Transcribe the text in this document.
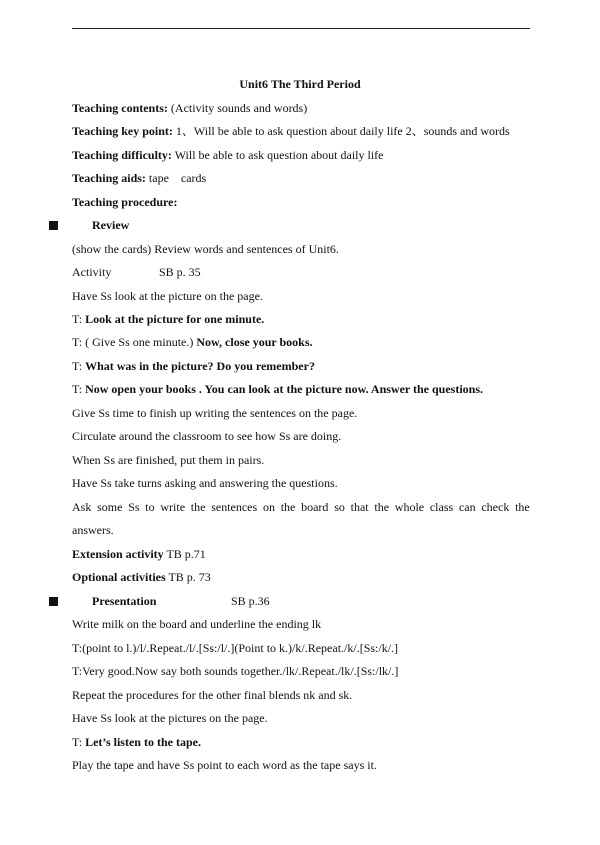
Unit6 The Third Period
Teaching contents: (Activity sounds and words)
Teaching key point: 1、Will be able to ask question about daily life 2、sounds and words
Teaching difficulty: Will be able to ask question about daily life
Teaching aids: tape    cards
Teaching procedure:
Review
(show the cards) Review words and sentences of Unit6.
Activity	SB p. 35
Have Ss look at the picture on the page.
T: Look at the picture for one minute.
T: ( Give Ss one minute.) Now, close your books.
T: What was in the picture? Do you remember?
T: Now open your books . You can look at the picture now. Answer the questions.
Give Ss time to finish up writing the sentences on the page.
Circulate around the classroom to see how Ss are doing.
When Ss are finished, put them in pairs.
Have Ss take turns asking and answering the questions.
Ask some Ss to write the sentences on the board so that the whole class can check the
answers.
Extension activity TB p.71
Optional activities TB p. 73
Presentation	SB p.36
Write milk on the board and underline the ending lk
T:(point to l.)/l/.Repeat./l/.[Ss:/l/.](Point to k.)/k/.Repeat./k/.[Ss:/k/.]
T:Very good.Now say both sounds together./lk/.Repeat./lk/.[Ss:/lk/.]
Repeat the procedures for the other final blends nk and sk.
Have Ss look at the pictures on the page.
T: Let’s listen to the tape.
Play the tape and have Ss point to each word as the tape says it.
